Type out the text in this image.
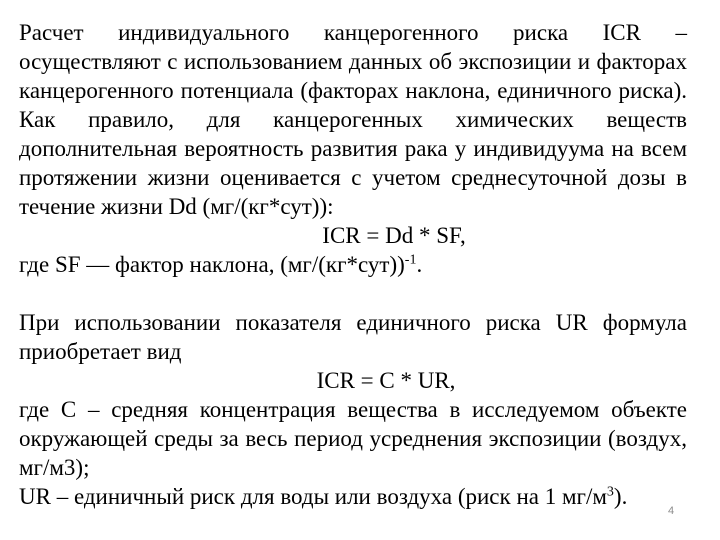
Расчет индивидуального канцерогенного риска ICR – осуществляют с использованием данных об экспозиции и факторах канцерогенного потенциала (факторах наклона, единичного риска). Как правило, для канцерогенных химических веществ дополнительная вероятность развития рака у индивидуума на всем протяжении жизни оценивается с учетом среднесуточной дозы в течение жизни Dd (мг/(кг*сут)):

ICR = Dd * SF,

где SF — фактор наклона, $(мг/(кг*сут))^{-1}$.

При использовании показателя единичного риска UR формула приобретает вид

ICR = С * UR,

где С – средняя концентрация вещества в исследуемом объекте окружающей среды за весь период усреднения экспозиции (воздух, мг/м3);

UR – единичный риск для воды или воздуха (риск на 1 $мг/м^3$).

4
